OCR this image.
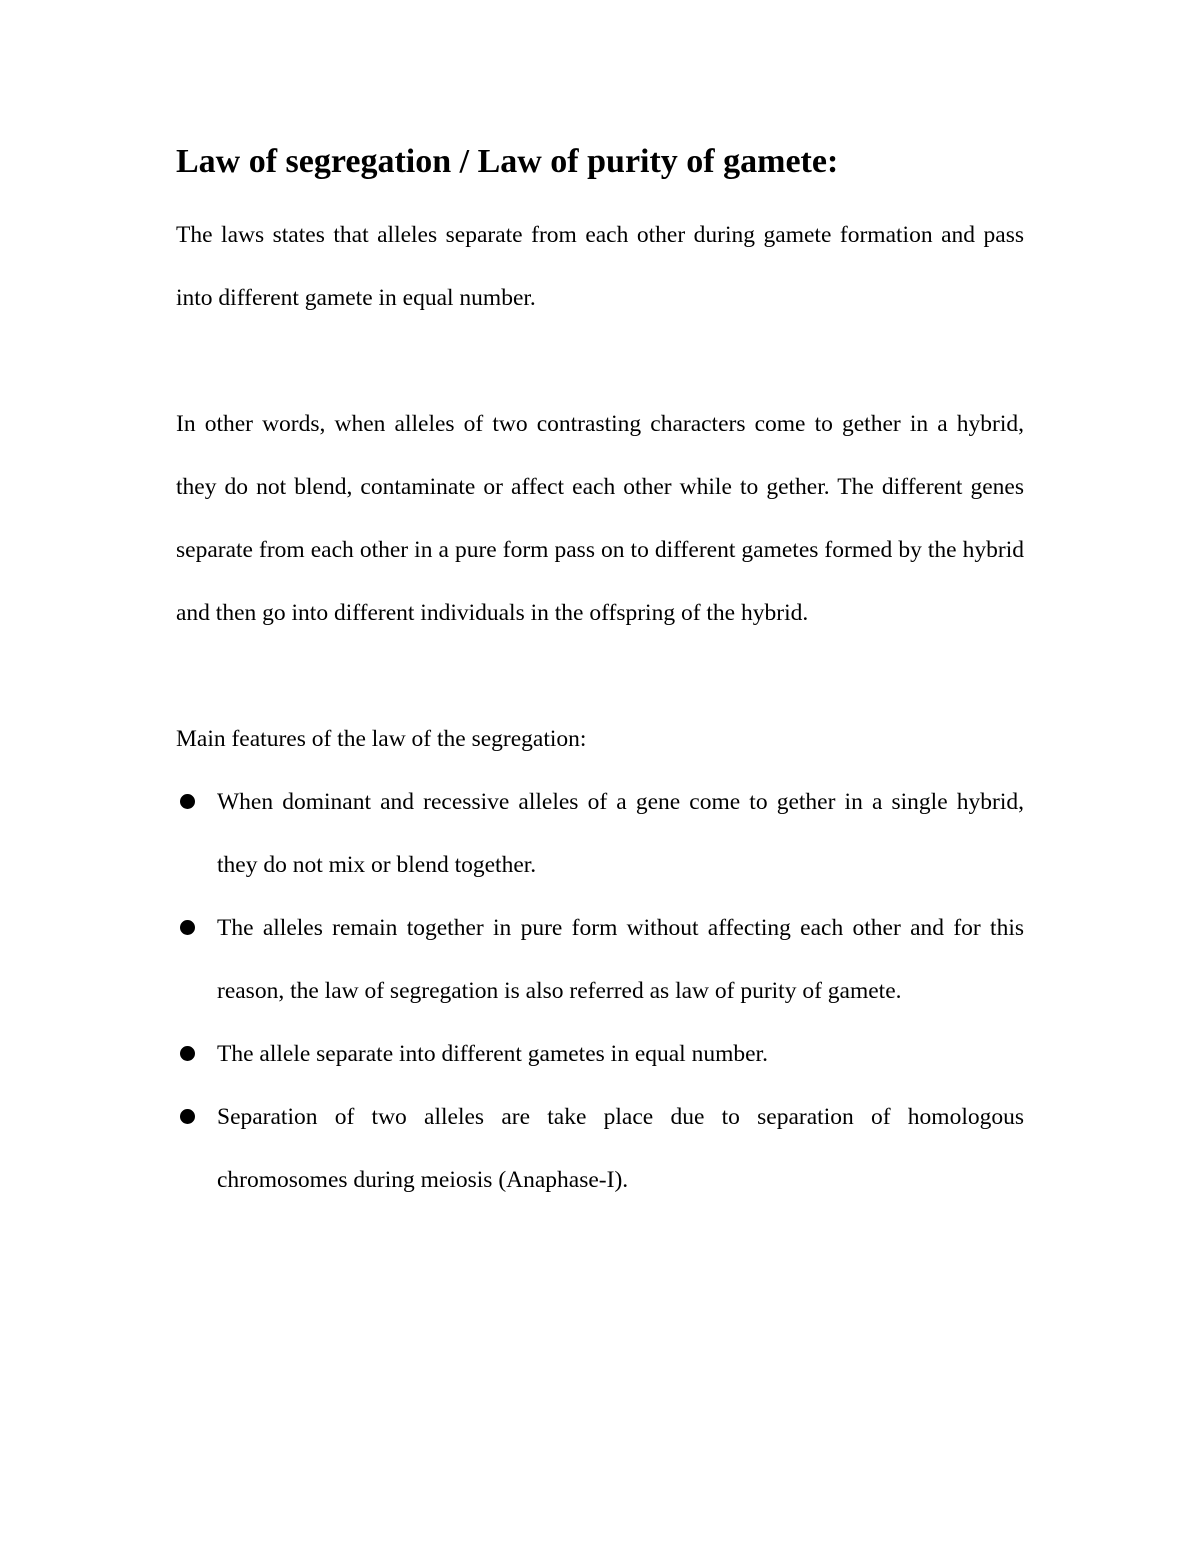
Law of segregation / Law of purity of gamete:

The laws states that alleles separate from each other during gamete formation and pass into different gamete in equal number.

In other words, when alleles of two contrasting characters come to gether in a hybrid, they do not blend, contaminate or affect each other while to gether. The different genes separate from each other in a pure form pass on to different gametes formed by the hybrid and then go into different individuals in the offspring of the hybrid.

Main features of the law of the segregation:

When dominant and recessive alleles of a gene come to gether in a single hybrid, they do not mix or blend together.
The alleles remain together in pure form without affecting each other and for this reason, the law of segregation is also referred as law of purity of gamete.
The allele separate into different gametes in equal number.
Separation of two alleles are take place due to separation of homologous chromosomes during meiosis (Anaphase-I).
